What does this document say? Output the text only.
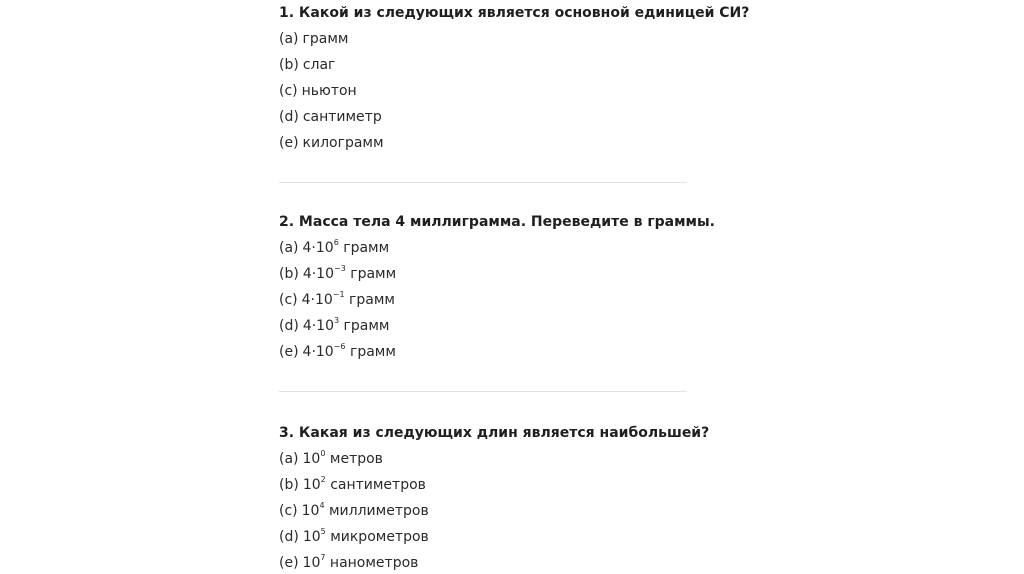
1. Какой из следующих является основной единицей СИ?
(a) грамм
(b) слаг
(c) ньютон
(d) сантиметр
(e) килограмм
2. Масса тела 4 миллиграмма. Переведите в граммы.
(a) $4\cdot 10^6$ грамм
(b) $4\cdot 10^{-3}$ грамм
(c) $4\cdot 10^{-1}$ грамм
(d) $4\cdot 10^3$ грамм
(e) $4\cdot 10^{-6}$ грамм
3. Какая из следующих длин является наибольшей?
(a) $10^0$ метров
(b) $10^2$ сантиметров
(c) $10^4$ миллиметров
(d) $10^5$ микрометров
(e) $10^7$ нанометров
